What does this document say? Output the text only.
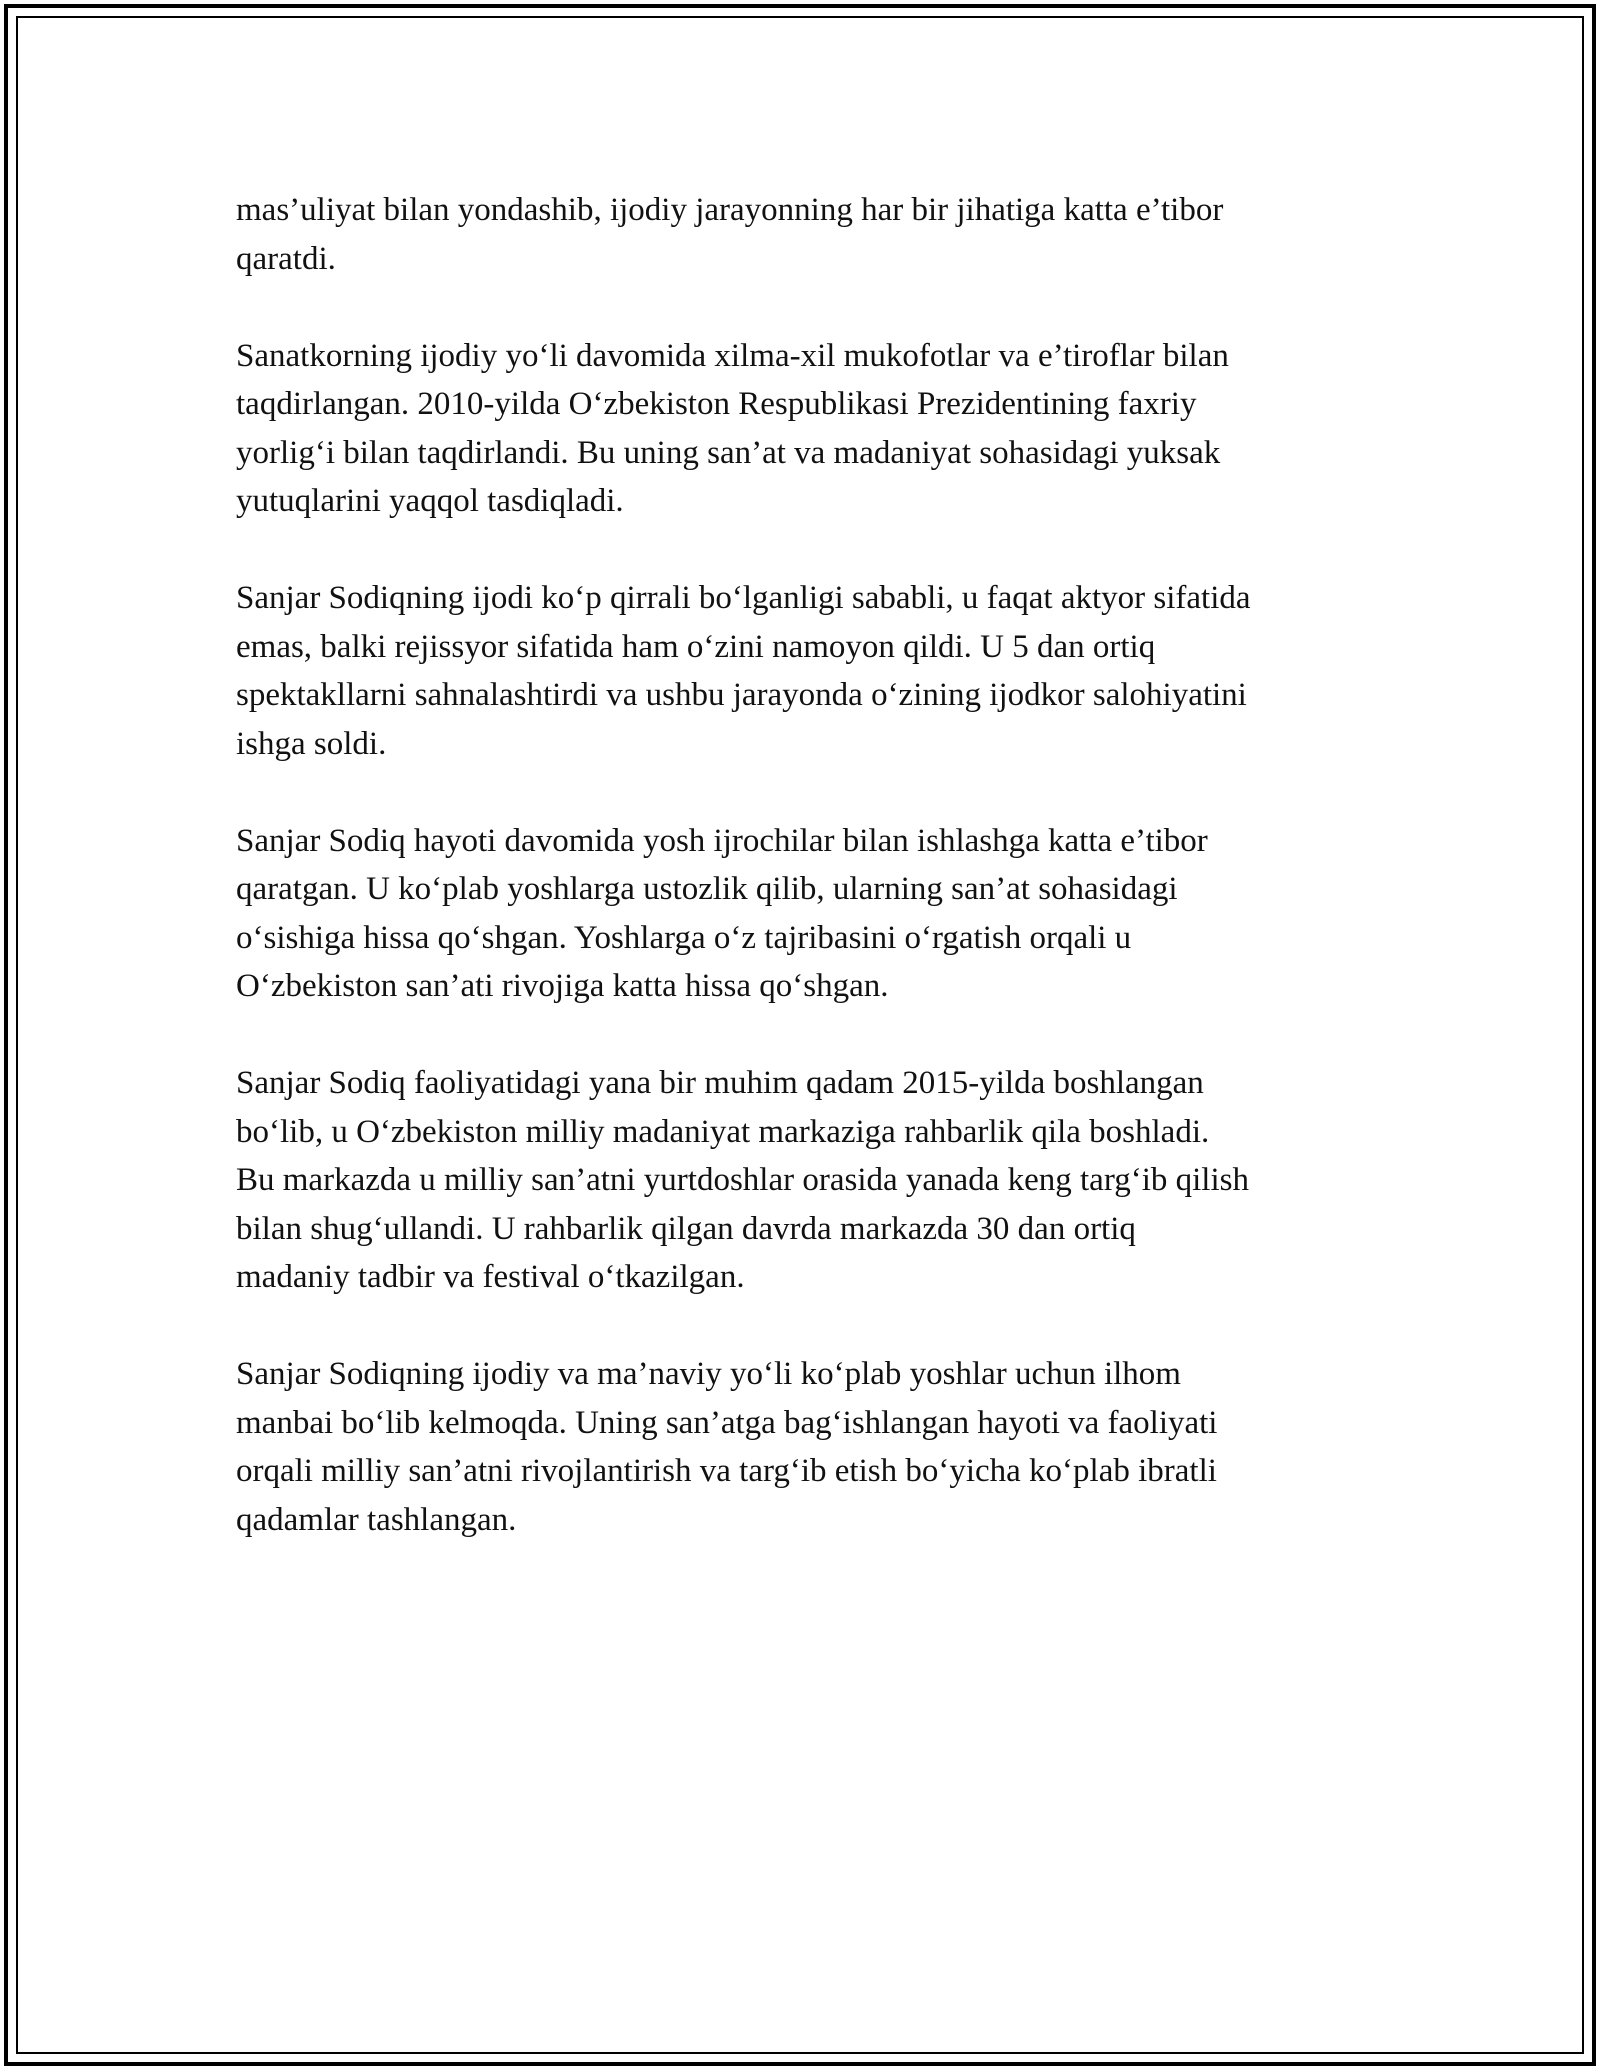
mas’uliyat bilan yondashib, ijodiy jarayonning har bir jihatiga katta e’tibor
qaratdi.

Sanatkorning ijodiy yo‘li davomida xilma-xil mukofotlar va e’tiroflar bilan
taqdirlangan. 2010-yilda O‘zbekiston Respublikasi Prezidentining faxriy
yorlig‘i bilan taqdirlandi. Bu uning san’at va madaniyat sohasidagi yuksak
yutuqlarini yaqqol tasdiqladi.

Sanjar Sodiqning ijodi ko‘p qirrali bo‘lganligi sababli, u faqat aktyor sifatida
emas, balki rejissyor sifatida ham o‘zini namoyon qildi. U 5 dan ortiq
spektakllarni sahnalashtirdi va ushbu jarayonda o‘zining ijodkor salohiyatini
ishga soldi.

Sanjar Sodiq hayoti davomida yosh ijrochilar bilan ishlashga katta e’tibor
qaratgan. U ko‘plab yoshlarga ustozlik qilib, ularning san’at sohasidagi
o‘sishiga hissa qo‘shgan. Yoshlarga o‘z tajribasini o‘rgatish orqali u
O‘zbekiston san’ati rivojiga katta hissa qo‘shgan.

Sanjar Sodiq faoliyatidagi yana bir muhim qadam 2015-yilda boshlangan
bo‘lib, u O‘zbekiston milliy madaniyat markaziga rahbarlik qila boshladi.
Bu markazda u milliy san’atni yurtdoshlar orasida yanada keng targ‘ib qilish
bilan shug‘ullandi. U rahbarlik qilgan davrda markazda 30 dan ortiq
madaniy tadbir va festival o‘tkazilgan.

Sanjar Sodiqning ijodiy va ma’naviy yo‘li ko‘plab yoshlar uchun ilhom
manbai bo‘lib kelmoqda. Uning san’atga bag‘ishlangan hayoti va faoliyati
orqali milliy san’atni rivojlantirish va targ‘ib etish bo‘yicha ko‘plab ibratli
qadamlar tashlangan.
